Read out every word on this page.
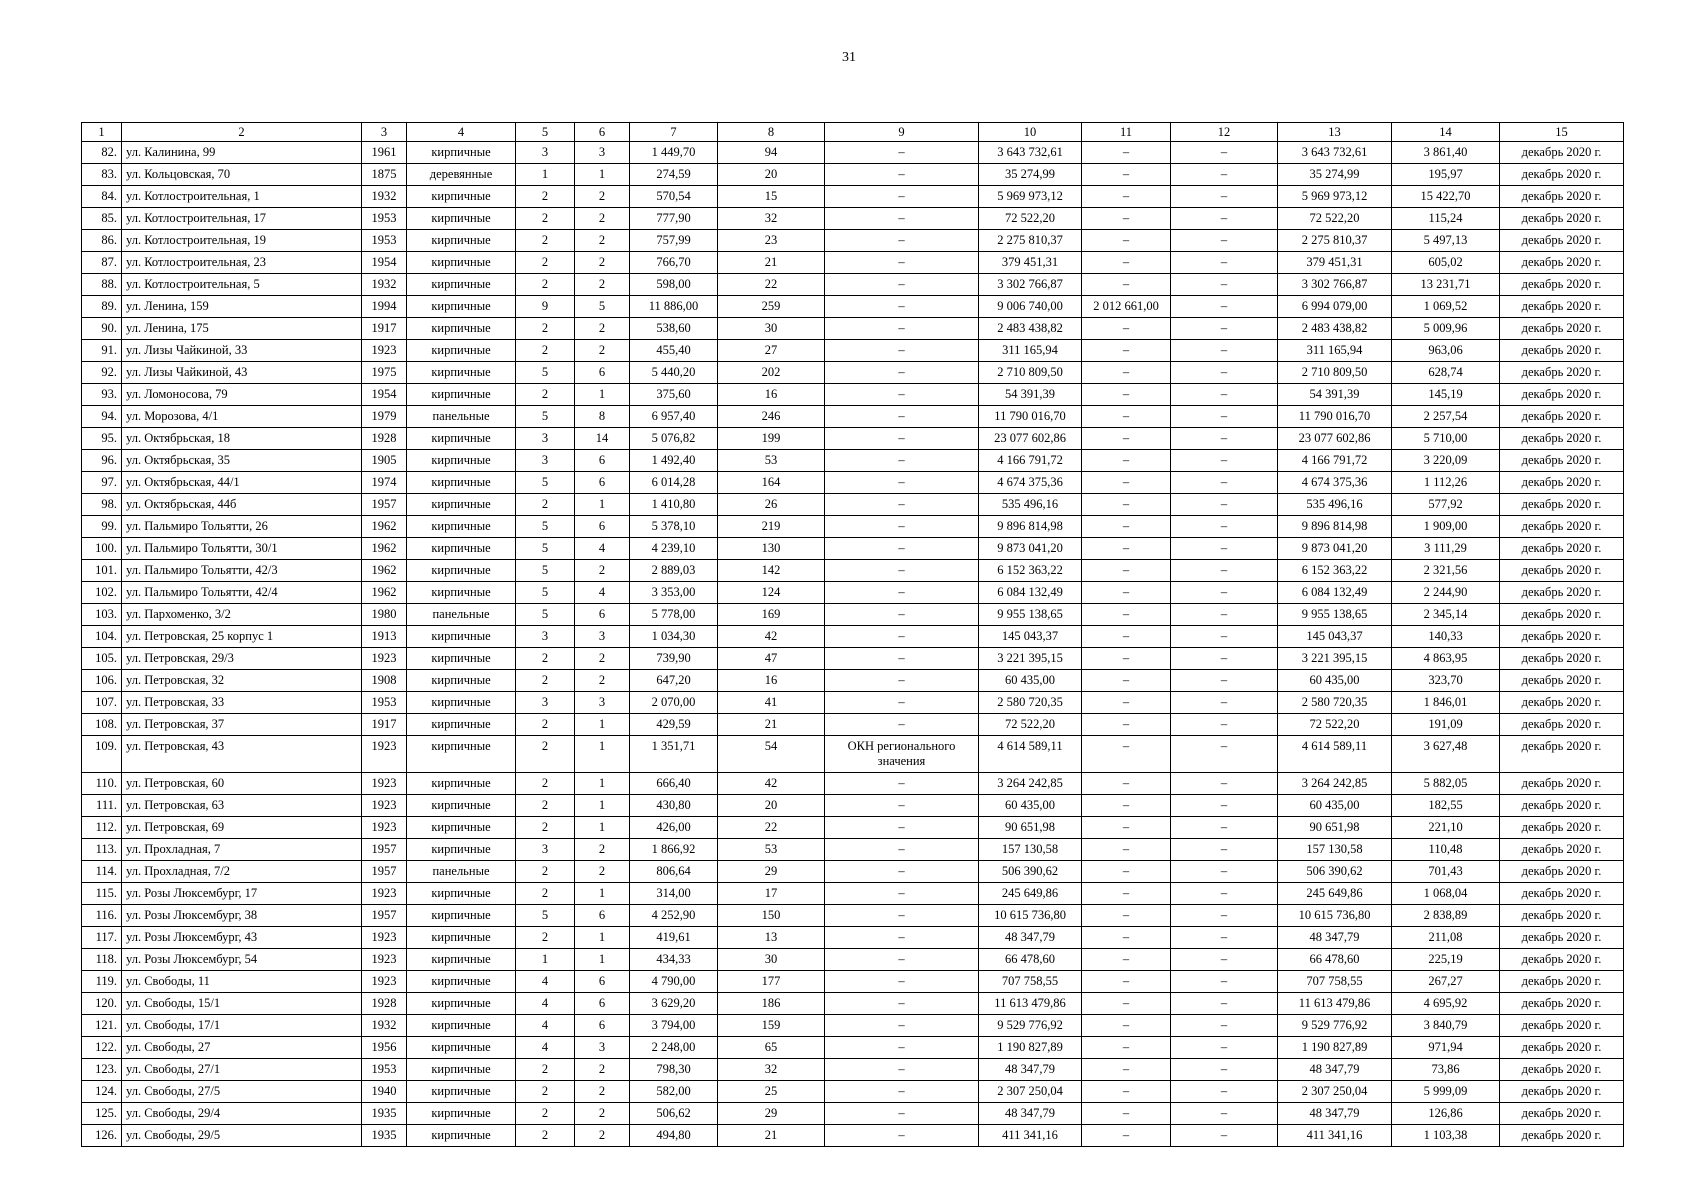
31
1	2	3	4	5	6	7	8	9	10	11	12	13	14	15
82.	ул. Калинина, 99	1961	кирпичные	3	3	1 449,70	94	–	3 643 732,61	–	–	3 643 732,61	3 861,40	декабрь 2020 г.
83.	ул. Кольцовская, 70	1875	деревянные	1	1	274,59	20	–	35 274,99	–	–	35 274,99	195,97	декабрь 2020 г.
84.	ул. Котлостроительная, 1	1932	кирпичные	2	2	570,54	15	–	5 969 973,12	–	–	5 969 973,12	15 422,70	декабрь 2020 г.
85.	ул. Котлостроительная, 17	1953	кирпичные	2	2	777,90	32	–	72 522,20	–	–	72 522,20	115,24	декабрь 2020 г.
86.	ул. Котлостроительная, 19	1953	кирпичные	2	2	757,99	23	–	2 275 810,37	–	–	2 275 810,37	5 497,13	декабрь 2020 г.
87.	ул. Котлостроительная, 23	1954	кирпичные	2	2	766,70	21	–	379 451,31	–	–	379 451,31	605,02	декабрь 2020 г.
88.	ул. Котлостроительная, 5	1932	кирпичные	2	2	598,00	22	–	3 302 766,87	–	–	3 302 766,87	13 231,71	декабрь 2020 г.
89.	ул. Ленина, 159	1994	кирпичные	9	5	11 886,00	259	–	9 006 740,00	2 012 661,00	–	6 994 079,00	1 069,52	декабрь 2020 г.
90.	ул. Ленина, 175	1917	кирпичные	2	2	538,60	30	–	2 483 438,82	–	–	2 483 438,82	5 009,96	декабрь 2020 г.
91.	ул. Лизы Чайкиной, 33	1923	кирпичные	2	2	455,40	27	–	311 165,94	–	–	311 165,94	963,06	декабрь 2020 г.
92.	ул. Лизы Чайкиной, 43	1975	кирпичные	5	6	5 440,20	202	–	2 710 809,50	–	–	2 710 809,50	628,74	декабрь 2020 г.
93.	ул. Ломоносова, 79	1954	кирпичные	2	1	375,60	16	–	54 391,39	–	–	54 391,39	145,19	декабрь 2020 г.
94.	ул. Морозова, 4/1	1979	панельные	5	8	6 957,40	246	–	11 790 016,70	–	–	11 790 016,70	2 257,54	декабрь 2020 г.
95.	ул. Октябрьская, 18	1928	кирпичные	3	14	5 076,82	199	–	23 077 602,86	–	–	23 077 602,86	5 710,00	декабрь 2020 г.
96.	ул. Октябрьская, 35	1905	кирпичные	3	6	1 492,40	53	–	4 166 791,72	–	–	4 166 791,72	3 220,09	декабрь 2020 г.
97.	ул. Октябрьская, 44/1	1974	кирпичные	5	6	6 014,28	164	–	4 674 375,36	–	–	4 674 375,36	1 112,26	декабрь 2020 г.
98.	ул. Октябрьская, 44б	1957	кирпичные	2	1	1 410,80	26	–	535 496,16	–	–	535 496,16	577,92	декабрь 2020 г.
99.	ул. Пальмиро Тольятти, 26	1962	кирпичные	5	6	5 378,10	219	–	9 896 814,98	–	–	9 896 814,98	1 909,00	декабрь 2020 г.
100.	ул. Пальмиро Тольятти, 30/1	1962	кирпичные	5	4	4 239,10	130	–	9 873 041,20	–	–	9 873 041,20	3 111,29	декабрь 2020 г.
101.	ул. Пальмиро Тольятти, 42/3	1962	кирпичные	5	2	2 889,03	142	–	6 152 363,22	–	–	6 152 363,22	2 321,56	декабрь 2020 г.
102.	ул. Пальмиро Тольятти, 42/4	1962	кирпичные	5	4	3 353,00	124	–	6 084 132,49	–	–	6 084 132,49	2 244,90	декабрь 2020 г.
103.	ул. Пархоменко, 3/2	1980	панельные	5	6	5 778,00	169	–	9 955 138,65	–	–	9 955 138,65	2 345,14	декабрь 2020 г.
104.	ул. Петровская, 25 корпус 1	1913	кирпичные	3	3	1 034,30	42	–	145 043,37	–	–	145 043,37	140,33	декабрь 2020 г.
105.	ул. Петровская, 29/3	1923	кирпичные	2	2	739,90	47	–	3 221 395,15	–	–	3 221 395,15	4 863,95	декабрь 2020 г.
106.	ул. Петровская, 32	1908	кирпичные	2	2	647,20	16	–	60 435,00	–	–	60 435,00	323,70	декабрь 2020 г.
107.	ул. Петровская, 33	1953	кирпичные	3	3	2 070,00	41	–	2 580 720,35	–	–	2 580 720,35	1 846,01	декабрь 2020 г.
108.	ул. Петровская, 37	1917	кирпичные	2	1	429,59	21	–	72 522,20	–	–	72 522,20	191,09	декабрь 2020 г.
109.	ул. Петровская, 43	1923	кирпичные	2	1	1 351,71	54	ОКН регионального значения	4 614 589,11	–	–	4 614 589,11	3 627,48	декабрь 2020 г.
110.	ул. Петровская, 60	1923	кирпичные	2	1	666,40	42	–	3 264 242,85	–	–	3 264 242,85	5 882,05	декабрь 2020 г.
111.	ул. Петровская, 63	1923	кирпичные	2	1	430,80	20	–	60 435,00	–	–	60 435,00	182,55	декабрь 2020 г.
112.	ул. Петровская, 69	1923	кирпичные	2	1	426,00	22	–	90 651,98	–	–	90 651,98	221,10	декабрь 2020 г.
113.	ул. Прохладная, 7	1957	кирпичные	3	2	1 866,92	53	–	157 130,58	–	–	157 130,58	110,48	декабрь 2020 г.
114.	ул. Прохладная, 7/2	1957	панельные	2	2	806,64	29	–	506 390,62	–	–	506 390,62	701,43	декабрь 2020 г.
115.	ул. Розы Люксембург, 17	1923	кирпичные	2	1	314,00	17	–	245 649,86	–	–	245 649,86	1 068,04	декабрь 2020 г.
116.	ул. Розы Люксембург, 38	1957	кирпичные	5	6	4 252,90	150	–	10 615 736,80	–	–	10 615 736,80	2 838,89	декабрь 2020 г.
117.	ул. Розы Люксембург, 43	1923	кирпичные	2	1	419,61	13	–	48 347,79	–	–	48 347,79	211,08	декабрь 2020 г.
118.	ул. Розы Люксембург, 54	1923	кирпичные	1	1	434,33	30	–	66 478,60	–	–	66 478,60	225,19	декабрь 2020 г.
119.	ул. Свободы, 11	1923	кирпичные	4	6	4 790,00	177	–	707 758,55	–	–	707 758,55	267,27	декабрь 2020 г.
120.	ул. Свободы, 15/1	1928	кирпичные	4	6	3 629,20	186	–	11 613 479,86	–	–	11 613 479,86	4 695,92	декабрь 2020 г.
121.	ул. Свободы, 17/1	1932	кирпичные	4	6	3 794,00	159	–	9 529 776,92	–	–	9 529 776,92	3 840,79	декабрь 2020 г.
122.	ул. Свободы, 27	1956	кирпичные	4	3	2 248,00	65	–	1 190 827,89	–	–	1 190 827,89	971,94	декабрь 2020 г.
123.	ул. Свободы, 27/1	1953	кирпичные	2	2	798,30	32	–	48 347,79	–	–	48 347,79	73,86	декабрь 2020 г.
124.	ул. Свободы, 27/5	1940	кирпичные	2	2	582,00	25	–	2 307 250,04	–	–	2 307 250,04	5 999,09	декабрь 2020 г.
125.	ул. Свободы, 29/4	1935	кирпичные	2	2	506,62	29	–	48 347,79	–	–	48 347,79	126,86	декабрь 2020 г.
126.	ул. Свободы, 29/5	1935	кирпичные	2	2	494,80	21	–	411 341,16	–	–	411 341,16	1 103,38	декабрь 2020 г.
